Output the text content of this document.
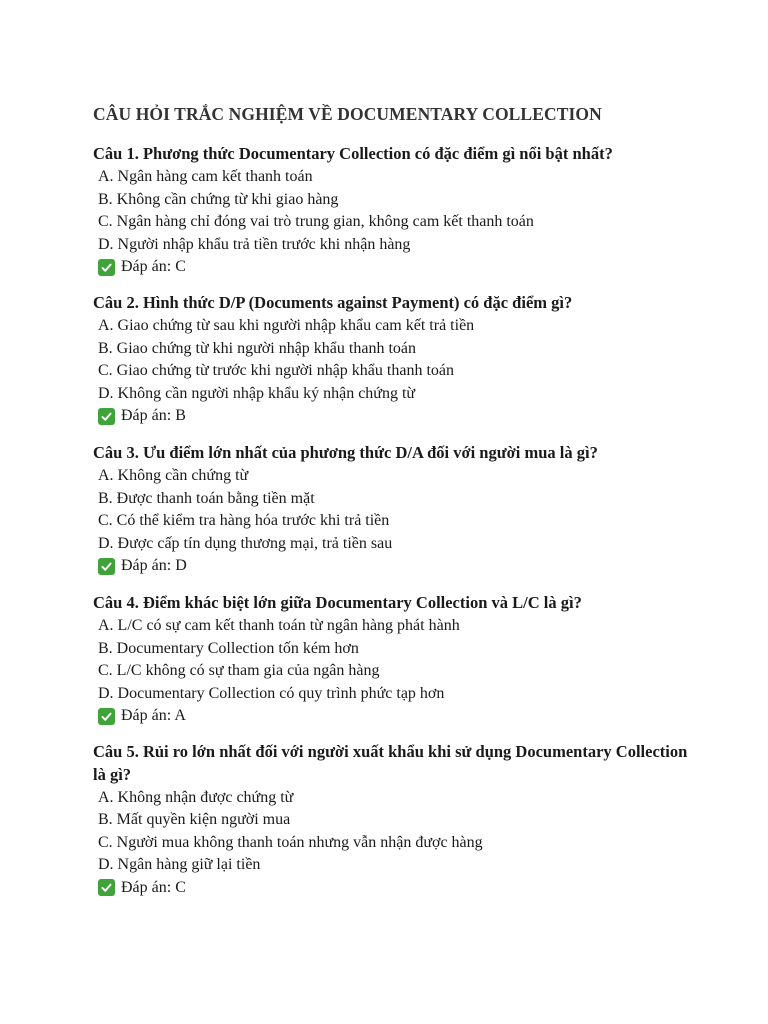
CÂU HỎI TRẮC NGHIỆM VỀ DOCUMENTARY COLLECTION
Câu 1. Phương thức Documentary Collection có đặc điểm gì nổi bật nhất?
A. Ngân hàng cam kết thanh toán
B. Không cần chứng từ khi giao hàng
C. Ngân hàng chỉ đóng vai trò trung gian, không cam kết thanh toán
D. Người nhập khẩu trả tiền trước khi nhận hàng
Đáp án: C
Câu 2. Hình thức D/P (Documents against Payment) có đặc điểm gì?
A. Giao chứng từ sau khi người nhập khẩu cam kết trả tiền
B. Giao chứng từ khi người nhập khẩu thanh toán
C. Giao chứng từ trước khi người nhập khẩu thanh toán
D. Không cần người nhập khẩu ký nhận chứng từ
Đáp án: B
Câu 3. Ưu điểm lớn nhất của phương thức D/A đối với người mua là gì?
A. Không cần chứng từ
B. Được thanh toán bằng tiền mặt
C. Có thể kiểm tra hàng hóa trước khi trả tiền
D. Được cấp tín dụng thương mại, trả tiền sau
Đáp án: D
Câu 4. Điểm khác biệt lớn giữa Documentary Collection và L/C là gì?
A. L/C có sự cam kết thanh toán từ ngân hàng phát hành
B. Documentary Collection tốn kém hơn
C. L/C không có sự tham gia của ngân hàng
D. Documentary Collection có quy trình phức tạp hơn
Đáp án: A
Câu 5. Rủi ro lớn nhất đối với người xuất khẩu khi sử dụng Documentary Collection là gì?
A. Không nhận được chứng từ
B. Mất quyền kiện người mua
C. Người mua không thanh toán nhưng vẫn nhận được hàng
D. Ngân hàng giữ lại tiền
Đáp án: C
